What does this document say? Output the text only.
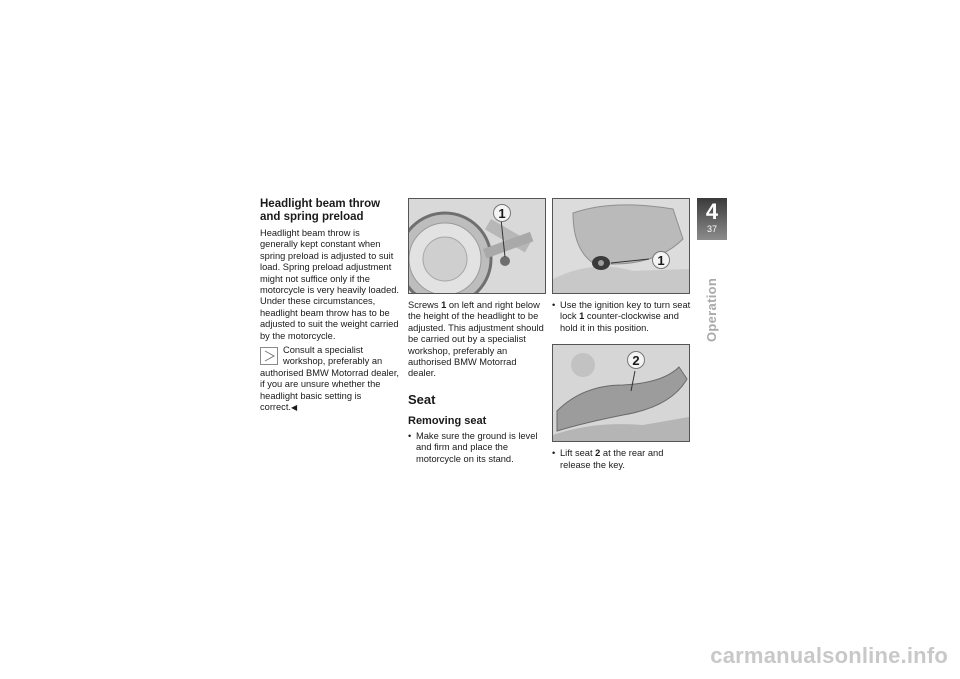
Headlight beam throw and spring preload

Headlight beam throw is generally kept constant when spring preload is adjusted to suit load. Spring preload adjustment might not suffice only if the motorcycle is very heavily loaded. Under these circumstances, headlight beam throw has to be adjusted to suit the weight carried by the motorcycle.

Consult a specialist workshop, preferably an authorised BMW Motorrad dealer, if you are unsure whether the headlight basic setting is correct.◀

1

Screws 1 on left and right below the height of the headlight to be adjusted. This adjustment should be carried out by a specialist workshop, preferably an authorised BMW Motorrad dealer.

Seat
Removing seat
• Make sure the ground is level and firm and place the motorcycle on its stand.
1
• Use the ignition key to turn seat lock 1 counter-clockwise and hold it in this position.
2
• Lift seat 2 at the rear and release the key.
4
37
Operation
carmanualsonline.info
